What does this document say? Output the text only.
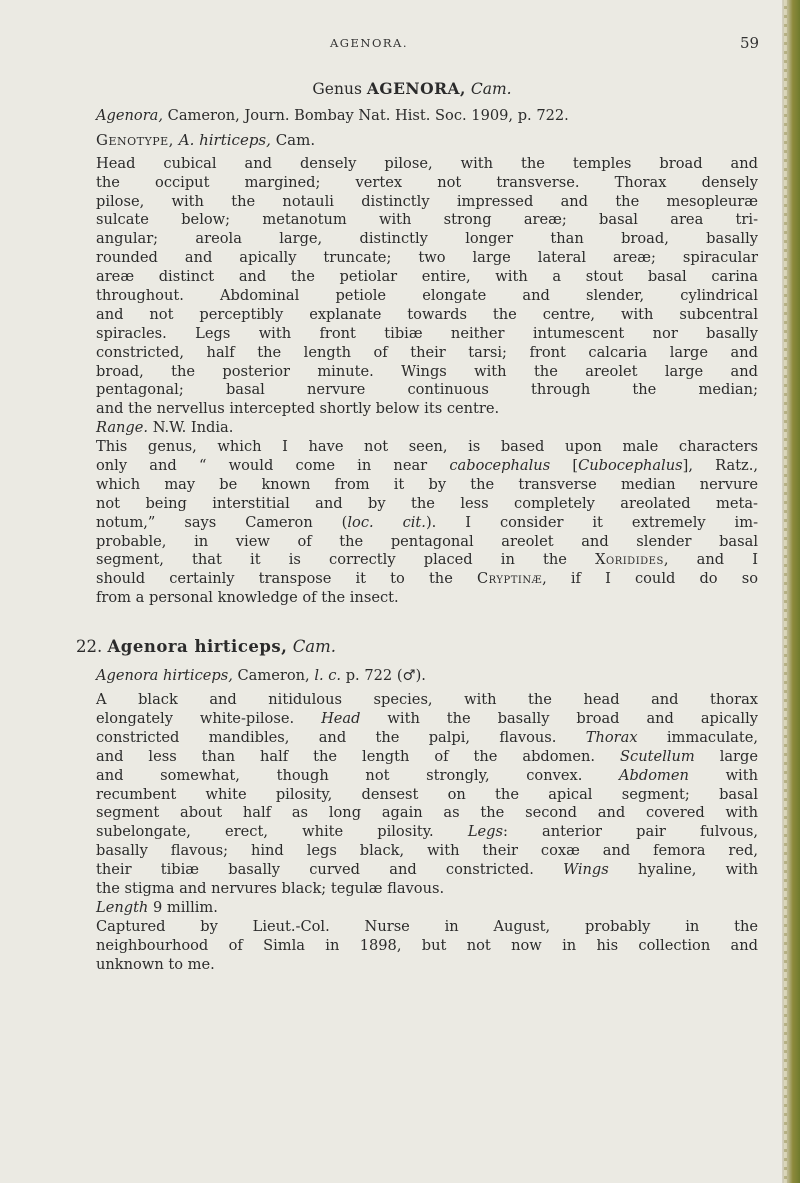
AGENORA.	59
Genus AGENORA, Cam.
Agenora, Cameron, Journ. Bombay Nat. Hist. Soc. 1909, p. 722.
Genotype, A. hirticeps, Cam.
Head cubical and densely pilose, with the temples broad and
the occiput margined; vertex not transverse. Thorax densely
pilose, with the notauli distinctly impressed and the mesopleuræ
sulcate below; metanotum with strong areæ; basal area tri-
angular; areola large, distinctly longer than broad, basally
rounded and apically truncate; two large lateral areæ; spiracular
areæ distinct and the petiolar entire, with a stout basal carina
throughout. Abdominal petiole elongate and slender, cylindrical
and not perceptibly explanate towards the centre, with subcentral
spiracles. Legs with front tibiæ neither intumescent nor basally
constricted, half the length of their tarsi; front calcaria large and
broad, the posterior minute. Wings with the areolet large and
pentagonal; basal nervure continuous through the median;
and the nervellus intercepted shortly below its centre.
Range. N.W. India.
This genus, which I have not seen, is based upon male characters
only and “ would come in near cabocephalus [Cubocephalus], Ratz.,
which may be known from it by the transverse median nervure
not being interstitial and by the less completely areolated meta-
notum,” says Cameron (loc. cit.). I consider it extremely im-
probable, in view of the pentagonal areolet and slender basal
segment, that it is correctly placed in the Xoridides, and I
should certainly transpose it to the Cryptinæ, if I could do so
from a personal knowledge of the insect.
22. Agenora hirticeps, Cam.
Agenora hirticeps, Cameron, l. c. p. 722 (♂).
A black and nitidulous species, with the head and thorax
elongately white-pilose. Head with the basally broad and apically
constricted mandibles, and the palpi, flavous. Thorax immaculate,
and less than half the length of the abdomen. Scutellum large
and somewhat, though not strongly, convex.	Abdomen	with
recumbent white pilosity, densest on the apical segment; basal
segment about half as long again as the second and covered with
subelongate, erect, white pilosity. Legs: anterior pair fulvous,
basally flavous; hind legs black, with their coxæ and femora red,
their tibiæ basally curved and constricted. Wings hyaline, with
the stigma and nervures black; tegulæ flavous.
Length 9 millim.
Captured by Lieut.-Col. Nurse in August, probably in the
neighbourhood of Simla in 1898, but not now in his collection and
unknown to me.
